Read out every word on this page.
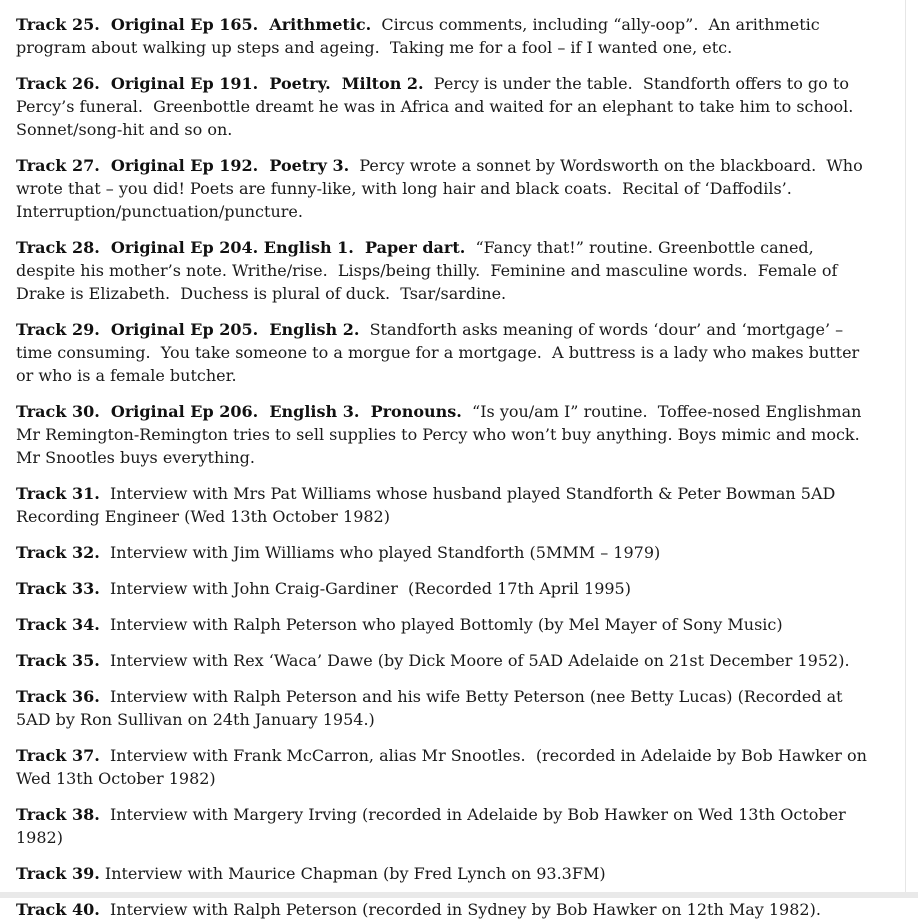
Track 25.  Original Ep 165.  Arithmetic.  Circus comments, including “ally-oop”.  An arithmetic program about walking up steps and ageing.  Taking me for a fool – if I wanted one, etc.

Track 26.  Original Ep 191.  Poetry.  Milton 2.  Percy is under the table.  Standforth offers to go to Percy’s funeral.  Greenbottle dreamt he was in Africa and waited for an elephant to take him to school.  Sonnet/song-hit and so on.

Track 27.  Original Ep 192.  Poetry 3.  Percy wrote a sonnet by Wordsworth on the blackboard.  Who wrote that – you did! Poets are funny-like, with long hair and black coats.  Recital of ‘Daffodils’.  Interruption/punctuation/puncture.

Track 28.  Original Ep 204. English 1.  Paper dart.  “Fancy that!” routine. Greenbottle caned, despite his mother’s note. Writhe/rise.  Lisps/being thilly.  Feminine and masculine words.  Female of Drake is Elizabeth.  Duchess is plural of duck.  Tsar/sardine.

Track 29.  Original Ep 205.  English 2.  Standforth asks meaning of words ‘dour’ and ‘mortgage’ – time consuming.  You take someone to a morgue for a mortgage.  A buttress is a lady who makes butter or who is a female butcher.

Track 30.  Original Ep 206.  English 3.  Pronouns.  “Is you/am I” routine.  Toffee-nosed Englishman Mr Remington-Remington tries to sell supplies to Percy who won’t buy anything. Boys mimic and mock.  Mr Snootles buys everything.

Track 31.  Interview with Mrs Pat Williams whose husband played Standforth & Peter Bowman 5AD Recording Engineer (Wed 13th October 1982)

Track 32.  Interview with Jim Williams who played Standforth (5MMM – 1979)

Track 33.  Interview with John Craig-Gardiner  (Recorded 17th April 1995)

Track 34.  Interview with Ralph Peterson who played Bottomly (by Mel Mayer of Sony Music)

Track 35.  Interview with Rex ‘Waca’ Dawe (by Dick Moore of 5AD Adelaide on 21st December 1952).

Track 36.  Interview with Ralph Peterson and his wife Betty Peterson (nee Betty Lucas) (Recorded at 5AD by Ron Sullivan on 24th January 1954.)

Track 37.  Interview with Frank McCarron, alias Mr Snootles.  (recorded in Adelaide by Bob Hawker on Wed 13th October 1982)

Track 38.  Interview with Margery Irving (recorded in Adelaide by Bob Hawker on Wed 13th October 1982)

Track 39. Interview with Maurice Chapman (by Fred Lynch on 93.3FM)

Track 40.  Interview with Ralph Peterson (recorded in Sydney by Bob Hawker on 12th May 1982).
